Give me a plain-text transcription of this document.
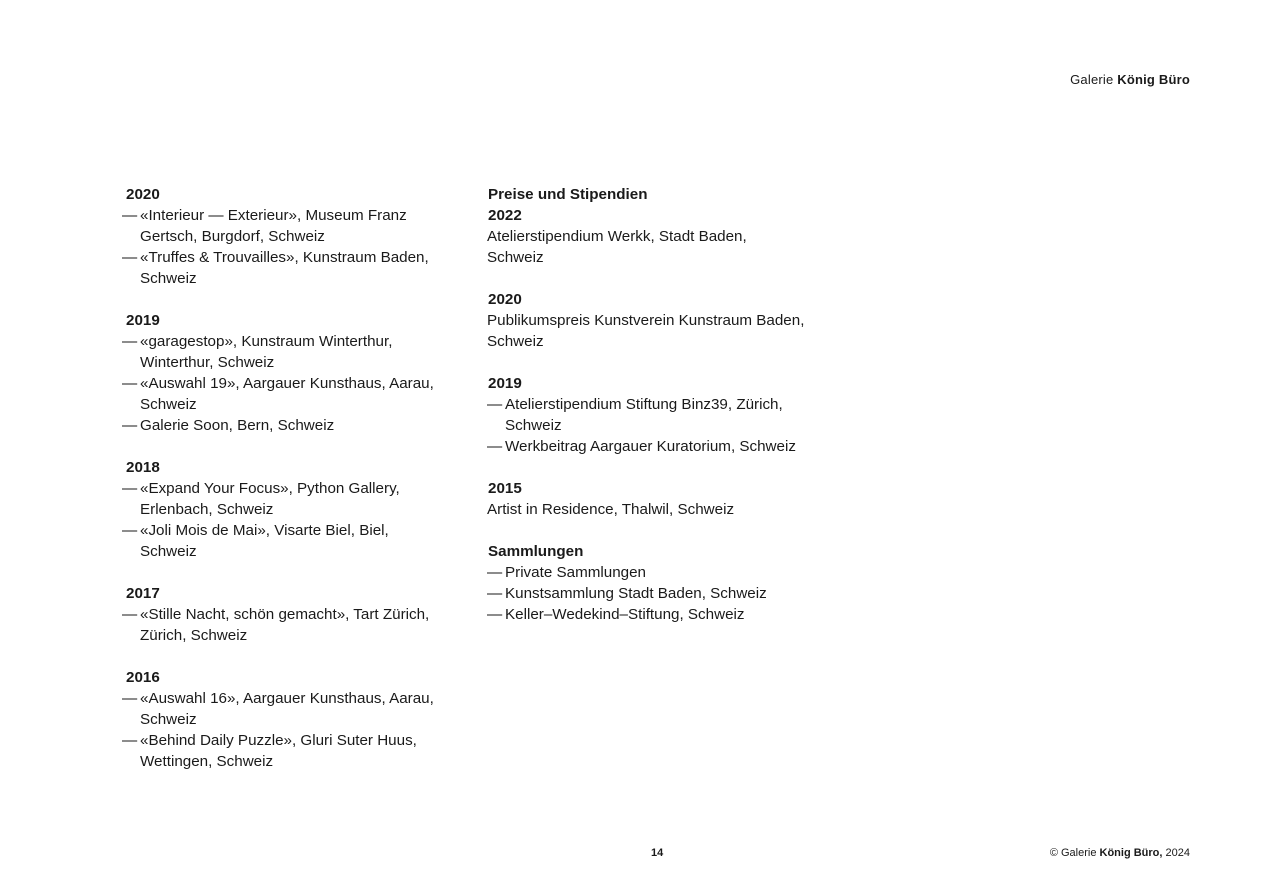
Galerie König Büro
2020
— «Interieur — Exterieur», Museum Franz
Gertsch, Burgdorf, Schweiz
— «Truffes & Trouvailles», Kunstraum Baden,
Schweiz
2019
— «garagestop», Kunstraum Winterthur,
Winterthur, Schweiz
— «Auswahl 19», Aargauer Kunsthaus, Aarau,
Schweiz
— Galerie Soon, Bern, Schweiz
2018
— «Expand Your Focus», Python Gallery,
Erlenbach, Schweiz
— «Joli Mois de Mai», Visarte Biel, Biel,
Schweiz
2017
— «Stille Nacht, schön gemacht», Tart Zürich,
Zürich, Schweiz
2016
— «Auswahl 16», Aargauer Kunsthaus, Aarau,
Schweiz
— «Behind Daily Puzzle», Gluri Suter Huus,
Wettingen, Schweiz
Preise und Stipendien
2022
Atelierstipendium Werkk, Stadt Baden,
Schweiz
2020
Publikumspreis Kunstverein Kunstraum Baden,
Schweiz
2019
— Atelierstipendium Stiftung Binz39, Zürich,
Schweiz
— Werkbeitrag Aargauer Kuratorium, Schweiz
2015
Artist in Residence, Thalwil, Schweiz
Sammlungen
— Private Sammlungen
— Kunstsammlung Stadt Baden, Schweiz
— Keller–Wedekind–Stiftung, Schweiz
14	© Galerie König Büro, 2024
